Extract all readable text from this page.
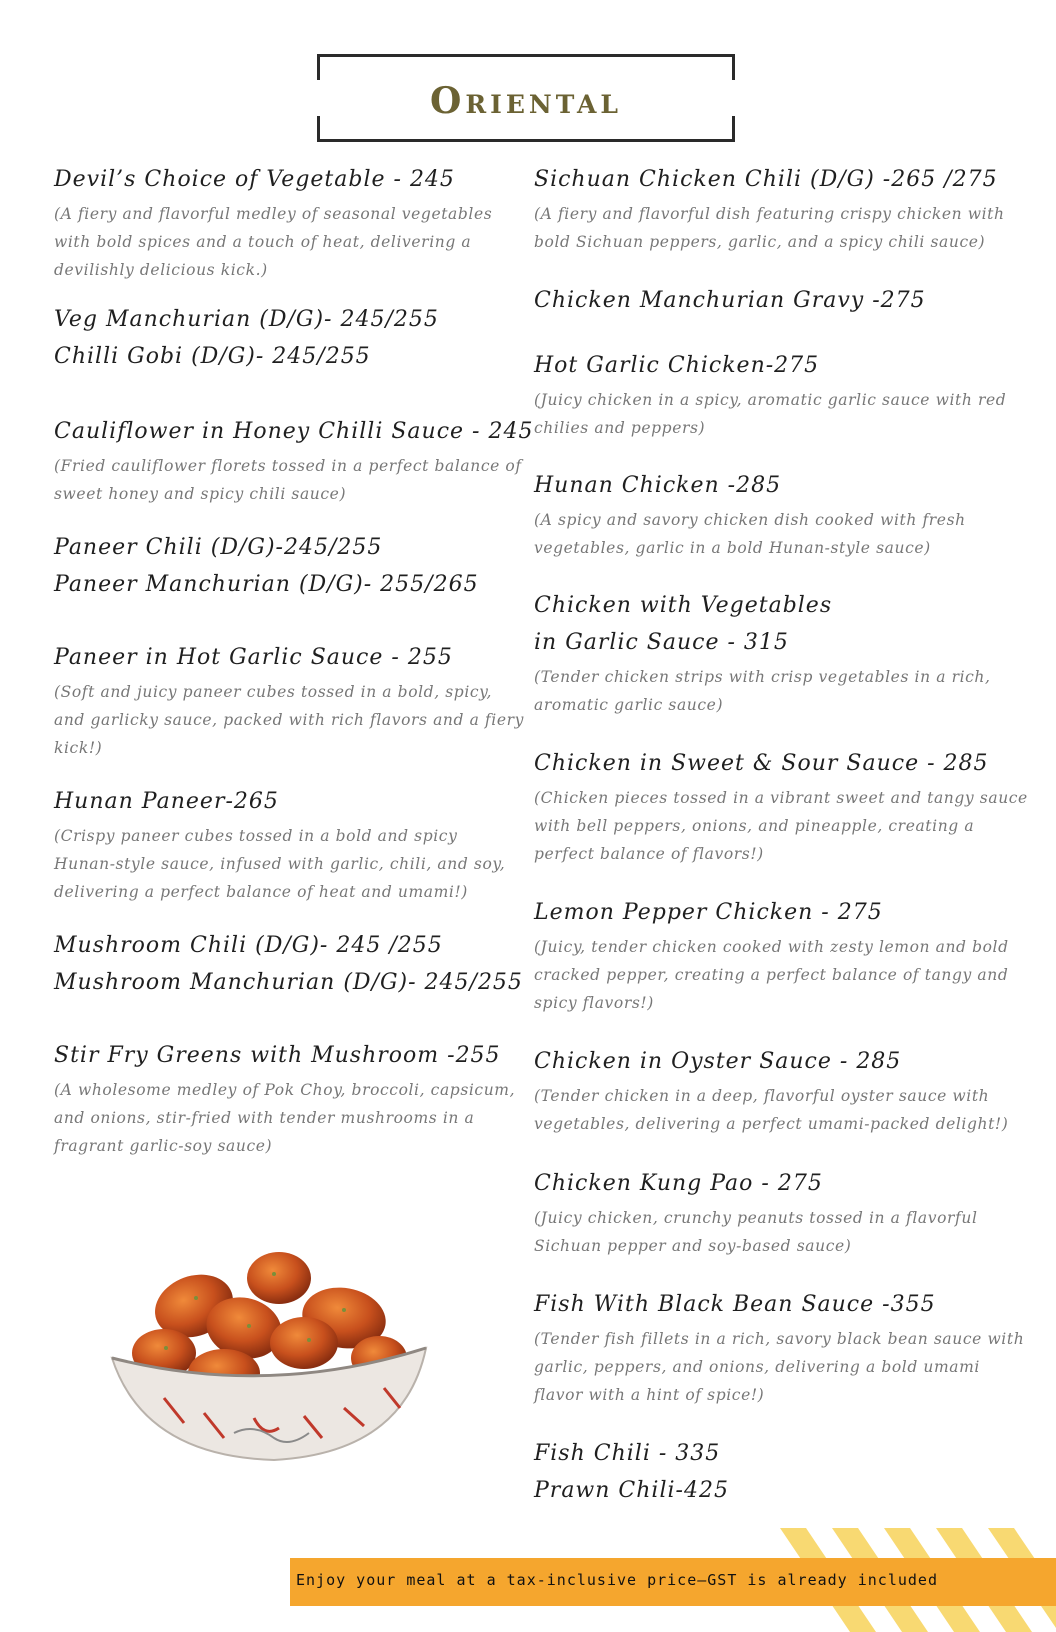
Oriental
Devil’s Choice of Vegetable - 245
(A fiery and flavorful medley of seasonal vegetables with bold spices and a touch of heat, delivering a devilishly delicious kick.)
Veg Manchurian (D/G)- 245/255
Chilli Gobi (D/G)- 245/255
Cauliflower in Honey Chilli Sauce - 245
(Fried cauliflower florets tossed in a perfect balance of sweet honey and spicy chili sauce)
Paneer Chili (D/G)-245/255
Paneer Manchurian (D/G)- 255/265
Paneer in Hot Garlic Sauce - 255
(Soft and juicy paneer cubes tossed in a bold, spicy, and garlicky sauce, packed with rich flavors and a fiery kick!)
Hunan Paneer-265
(Crispy paneer cubes tossed in a bold and spicy Hunan-style sauce, infused with garlic, chili, and soy, delivering a perfect balance of heat and umami!)
Mushroom Chili (D/G)- 245 /255
Mushroom Manchurian (D/G)- 245/255
Stir Fry Greens with Mushroom -255
(A wholesome medley of Pok Choy, broccoli, capsicum, and onions, stir-fried with tender mushrooms in a fragrant garlic-soy sauce)
Sichuan Chicken Chili (D/G) -265 /275
(A fiery and flavorful dish featuring crispy chicken with bold Sichuan peppers, garlic, and a spicy chili sauce)
Chicken Manchurian Gravy -275
Hot Garlic Chicken-275
(Juicy chicken in a spicy, aromatic garlic sauce with red chilies and peppers)
Hunan Chicken -285
(A spicy and savory chicken dish cooked with fresh vegetables, garlic in a bold Hunan-style sauce)
Chicken with Vegetables
in Garlic Sauce - 315
(Tender chicken strips with crisp vegetables in a rich, aromatic garlic sauce)
Chicken in Sweet & Sour Sauce - 285
(Chicken pieces tossed in a vibrant sweet and tangy sauce with bell peppers, onions, and pineapple, creating a perfect balance of flavors!)
Lemon Pepper Chicken - 275
(Juicy, tender chicken cooked with zesty lemon and bold cracked pepper, creating a perfect balance of tangy and spicy flavors!)
Chicken in Oyster Sauce - 285
(Tender chicken in a deep, flavorful oyster sauce with vegetables, delivering a perfect umami-packed delight!)
Chicken Kung Pao - 275
(Juicy chicken, crunchy peanuts tossed in a flavorful Sichuan pepper and soy-based sauce)
Fish With Black Bean Sauce -355
(Tender fish fillets in a rich, savory black bean sauce with garlic, peppers, and onions, delivering a bold umami flavor with a hint of spice!)
Fish Chili - 335
Prawn Chili-425
Enjoy your meal at a tax-inclusive price—GST is already included
